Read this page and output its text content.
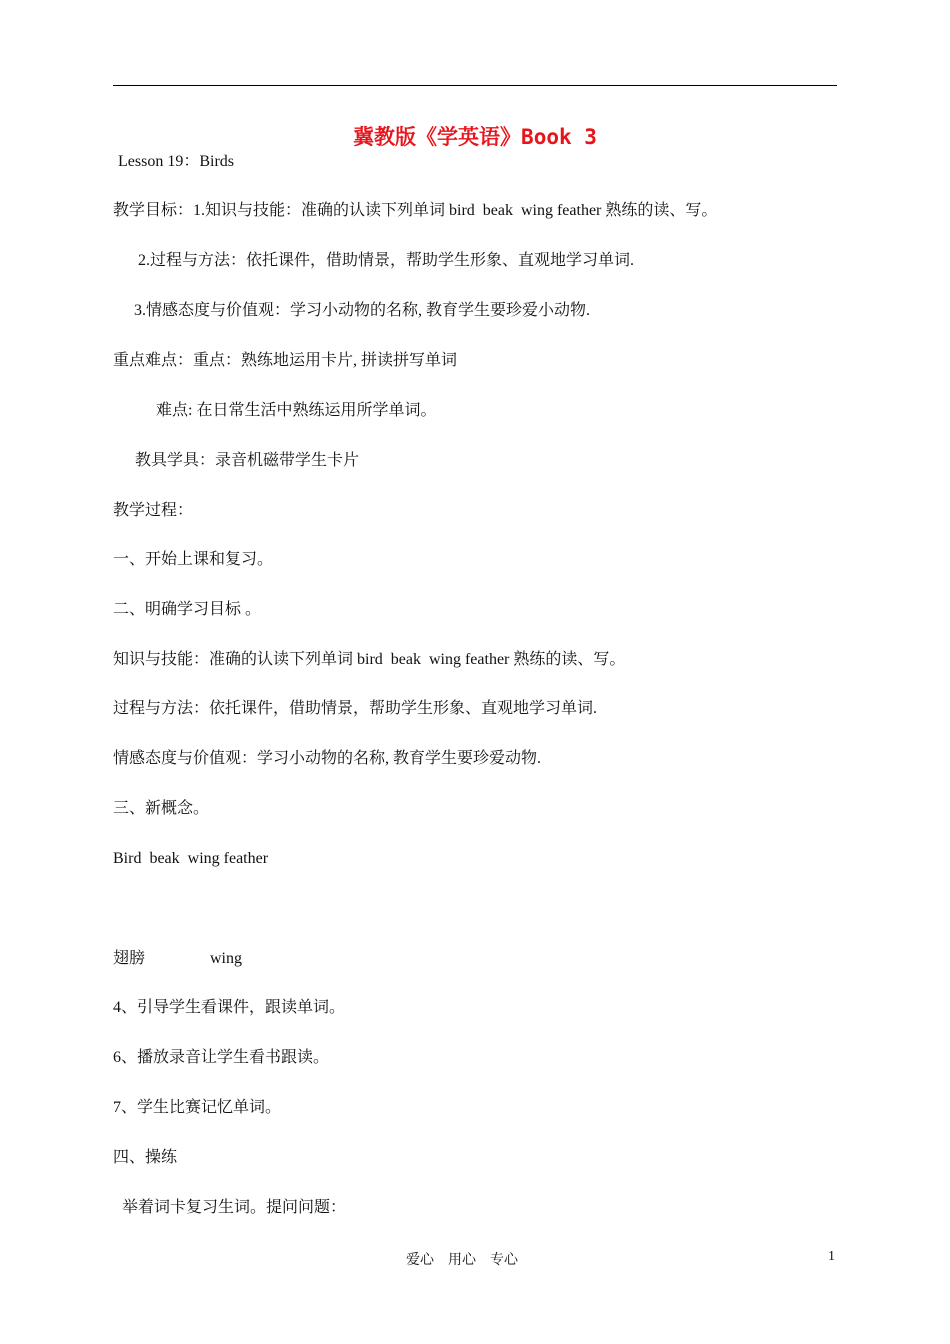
冀教版《学英语》Book 3
Lesson 19：Birds
教学目标：1.知识与技能：准确的认读下列单词 bird  beak  wing feather 熟练的读、写。
2.过程与方法：依托课件，借助情景，帮助学生形象、直观地学习单词.
3.情感态度与价值观：学习小动物的名称, 教育学生要珍爱小动物.
重点难点：重点：熟练地运用卡片, 拼读拼写单词
难点: 在日常生活中熟练运用所学单词。
教具学具：录音机磁带学生卡片
教学过程：
一、开始上课和复习。
二、明确学习目标 。
知识与技能：准确的认读下列单词 bird  beak  wing feather 熟练的读、写。
过程与方法：依托课件，借助情景，帮助学生形象、直观地学习单词.
情感态度与价值观：学习小动物的名称, 教育学生要珍爱动物.
三、新概念。
Bird  beak  wing feather
翅膀	wing
4、引导学生看课件，跟读单词。
6、播放录音让学生看书跟读。
7、学生比赛记忆单词。
四、操练
举着词卡复习生词。提问问题：
爱心    用心    专心	1
